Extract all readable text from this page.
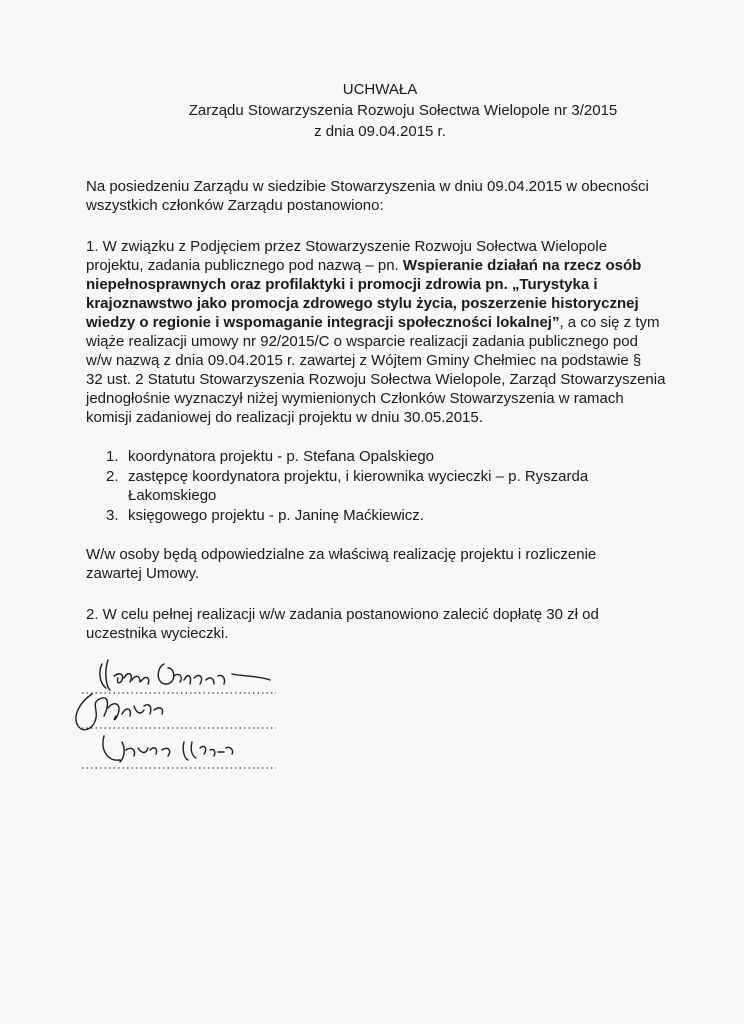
UCHWAŁA
Zarządu Stowarzyszenia Rozwoju Sołectwa Wielopole nr 3/2015
z dnia 09.04.2015 r.
Na posiedzeniu Zarządu w siedzibie Stowarzyszenia w dniu 09.04.2015 w obecności
wszystkich członków Zarządu postanowiono:
1. W związku z Podjęciem przez Stowarzyszenie Rozwoju Sołectwa Wielopole
projektu, zadania publicznego pod nazwą – pn. Wspieranie działań na rzecz osób
niepełnosprawnych oraz profilaktyki i promocji zdrowia pn. „Turystyka i
krajoznawstwo jako promocja zdrowego stylu życia, poszerzenie historycznej
wiedzy o regionie i wspomaganie integracji społeczności lokalnej”, a co się z tym
wiąże realizacji umowy nr 92/2015/C o wsparcie realizacji zadania publicznego pod
w/w nazwą z dnia 09.04.2015 r. zawartej z Wójtem Gminy Chełmiec na podstawie §
32 ust. 2 Statutu Stowarzyszenia Rozwoju Sołectwa Wielopole, Zarząd Stowarzyszenia
jednogłośnie wyznaczył niżej wymienionych Członków Stowarzyszenia w ramach
komisji zadaniowej do realizacji projektu w dniu 30.05.2015.
1. koordynatora projektu - p. Stefana Opalskiego
2. zastępcę koordynatora projektu, i kierownika wycieczki – p. Ryszarda Łakomskiego
3. księgowego projektu - p. Janinę Maćkiewicz.
W/w osoby będą odpowiedzialne za właściwą realizację projektu i rozliczenie
zawartej Umowy.
2. W celu pełnej realizacji w/w zadania postanowiono zalecić dopłatę 30 zł od
uczestnika wycieczki.
